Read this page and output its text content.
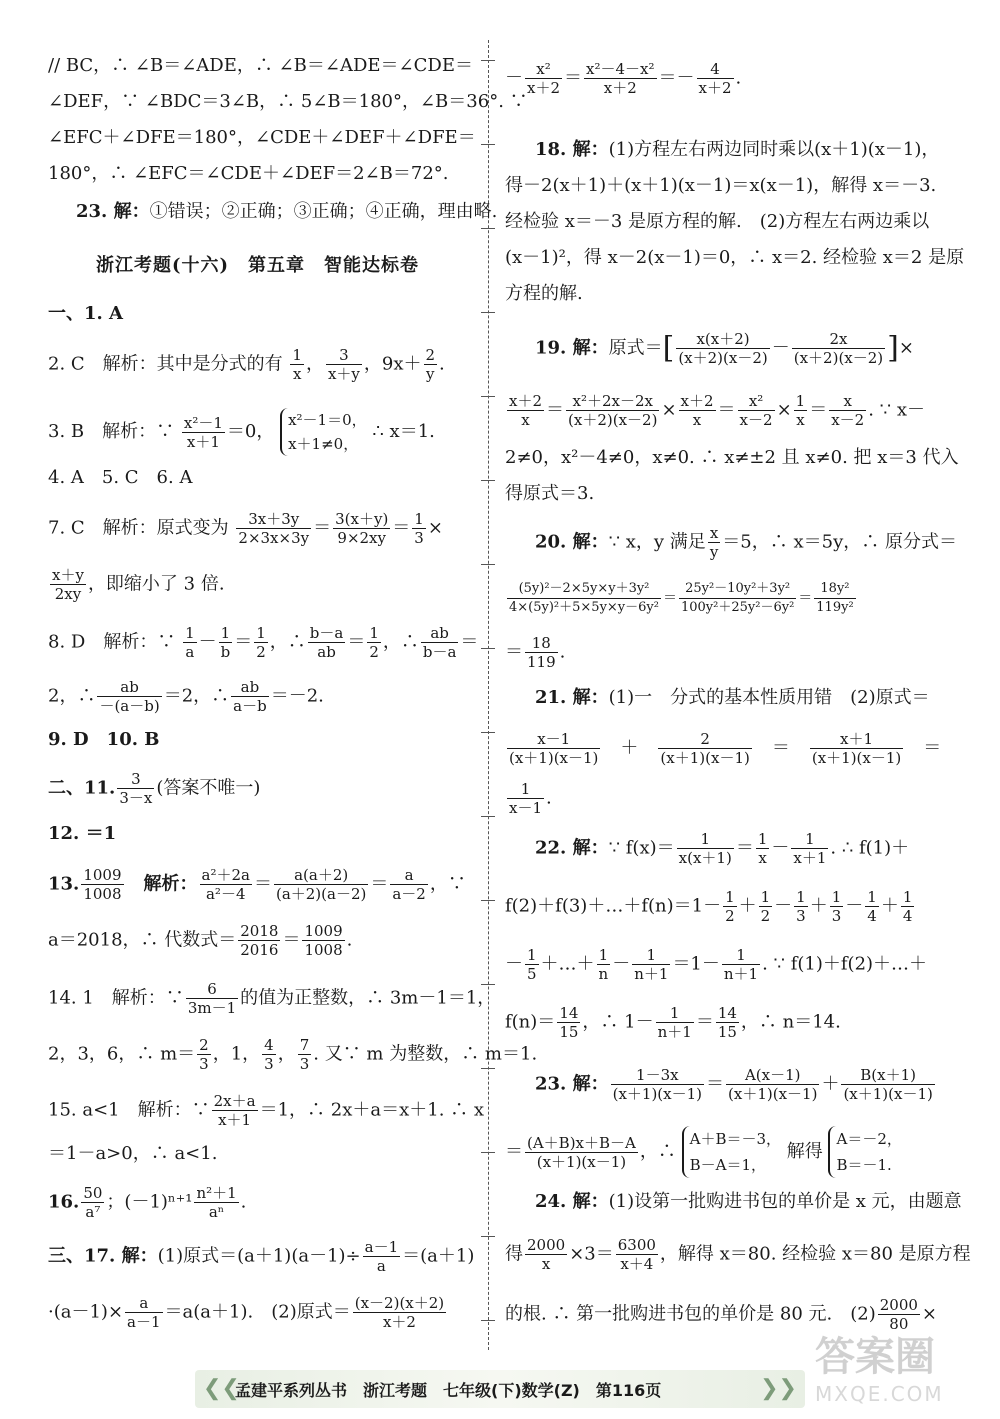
// BC，∴ ∠B＝∠ADE，∴ ∠B＝∠ADE＝∠CDE＝
∠DEF，∵ ∠BDC＝3∠B，∴ 5∠B＝180°，∠B＝36°. ∵
∠EFC＋∠DFE＝180°，∠CDE＋∠DEF＋∠DFE＝
180°，∴ ∠EFC＝∠CDE＋∠DEF＝2∠B＝72°.
23. 解：①错误；②正确；③正确；④正确，理由略.
浙江考题(十六)　第五章　智能达标卷
一、1. A
2. C　解析：其中是分式的有 $\frac{1}{x}$ ， $\frac{3}{x+y}$ ，$9x+ \frac{2}{y}$ .
3. B　解析：∵ $\frac{\text{x²－1}}{x+1} =0$，
x²－1＝0，
x＋1≠0，
∴ x＝1.
4. A　5. C　6. A
7. C　解析：原式变为 $\frac{3x+3y}{2\times 3x\times 3y} = \frac{3(x+y)}{9\times 2xy} = \frac{1}{3}$ ×
$\frac{x+y}{2xy}$ ，即缩小了 3 倍.
8. D　解析：∵ $\frac{1}{a} - \frac{1}{b} = \frac{1}{2}$ ，∴ $\frac{b-a}{ab} = \frac{1}{2}$ ，∴ $\frac{ab}{b-a}$ ＝
2，∴ $\frac{ab}{-(a-b)} =2$，∴ $\frac{ab}{a-b} =-2$.
9. D　10. B
二、11. $\frac{3}{3-x}$ (答案不唯一)
12. ＝1
13. $\frac{1009}{1008}$
　 解析： $\frac{\text{a²＋2a}}{\text{a²－4}} = \frac{a(a+2)}{(a+2)(a-2)} = \frac{a}{a-2}$ ，∵
a＝2018，∴ 代数式＝ $\frac{2018}{2016} = \frac{1009}{1008}$ .
14. 1　解析：∵ $\frac{6}{3m-1}$ 的值为正整数，∴ 3m－1＝1，
2，3，6，∴ $m= \frac{2}{3}$ ，1， $\frac{4}{3}$ ， $\frac{7}{3}$ . 又∵ m 为整数，∴ m＝1.
15. a<1　解析：∵ $\frac{2x+a}{x+1} =1$，∴ 2x＋a＝x＋1. ∴ x
＝1－a>0，∴ a<1.
16. $\frac{50}{\text{a⁷}}$ ；$(-1)^{n+1} \frac{\text{n²＋1}}{\text{aⁿ}}$ .
三、17. 解：(1)原式$=(a+1)(a-1)\div \frac{a-1}{a} =(a+1)$
$\cdot(a-1)\times \frac{a}{a-1} =a(a+1)$.　(2)原式＝ $\frac{(x-2)(x+2)}{x+2}$
－ $\frac{\text{x²}}{x+2} = \frac{\text{x²－4－x²}}{x+2} =- \frac{4}{x+2}$ .
18. 解：(1)方程左右两边同时乘以(x＋1)(x－1)，
得－2(x＋1)＋(x＋1)(x－1)＝x(x－1)，解得 x＝－3.
经检验 x＝－3 是原方程的解.　(2)方程左右两边乘以
(x－1)²，得 x－2(x－1)＝0，∴ x＝2. 经检验 x＝2 是原
方程的解.
19. 解：原式＝[ $\frac{x(x+2)}{(x+2)(x-2)} - \frac{2x}{(x+2)(x-2)}$ ]×
$\frac{x+2}{x} = \frac{\text{x²＋2x－2x}}{(x+2)(x-2)} \times \frac{x+2}{x} = \frac{\text{x²}}{x-2} \times \frac{1}{x} = \frac{x}{x-2}$ . ∵ x－
2≠0，x²－4≠0，x≠0. ∴ x≠±2 且 x≠0. 把 x＝3 代入
得原式＝3.
20. 解：∵ x，y 满足 $\frac{x}{y} =5$，∴ x＝5y，∴ 原分式＝
$\frac{\text{(5y)²－2×5y×y＋3y²}}{\text{4×(5y)²＋5×5y×y－6y²}} = \frac{\text{25y²－10y²＋3y²}}{\text{100y²＋25y²－6y²}} = \frac{\text{18y²}}{\text{119y²}}$
＝ $\frac{18}{119}$ .
21. 解：(1)一　分式的基本性质用错　(2)原式＝
$\frac{x-1}{(x+1)(x-1)}$ 　＋　 $\frac{2}{(x+1)(x-1)}$ 　＝　 $\frac{x+1}{(x+1)(x-1)}$ 　＝
$\frac{1}{x-1}$ .
22. 解：∵ $f(x)= \frac{1}{x(x+1)} = \frac{1}{x} - \frac{1}{x+1}$ . ∴ f(1)＋
f(2)＋f(3)＋…＋f(n)＝1－ $\frac{1}{2} + \frac{1}{2} - \frac{1}{3} + \frac{1}{3} - \frac{1}{4} + \frac{1}{4}$
－ $\frac{1}{5}$ ＋…＋ $\frac{1}{n} - \frac{1}{n+1} =1- \frac{1}{n+1}$ . ∵ f(1)＋f(2)＋…＋
$f(n)= \frac{14}{15}$ ，∴ $1- \frac{1}{n+1} = \frac{14}{15}$ ，∴ n＝14.
23. 解： $\frac{1-3x}{(x+1)(x-1)} = \frac{A(x-1)}{(x+1)(x-1)} + \frac{B(x+1)}{(x+1)(x-1)}$
＝ $\frac{(A+B)x+B-A}{(x+1)(x-1)}$ ，∴
A＋B＝－3，
B－A＝1，
解得
A＝－2，
B＝－1.
24. 解：(1)设第一批购进书包的单价是 x 元，由题意
得 $\frac{2000}{x} \times 3= \frac{6300}{x+4}$ ，解得 x＝80. 经检验 x＝80 是原方程
的根. ∴ 第一批购进书包的单价是 80 元.　$(2) \frac{2000}{80}$ ×
❮❮
孟建平系列丛书　浙江考题　七年级(下)数学(Z)　第116页	❯❯
答案圈
MXQE.COM
